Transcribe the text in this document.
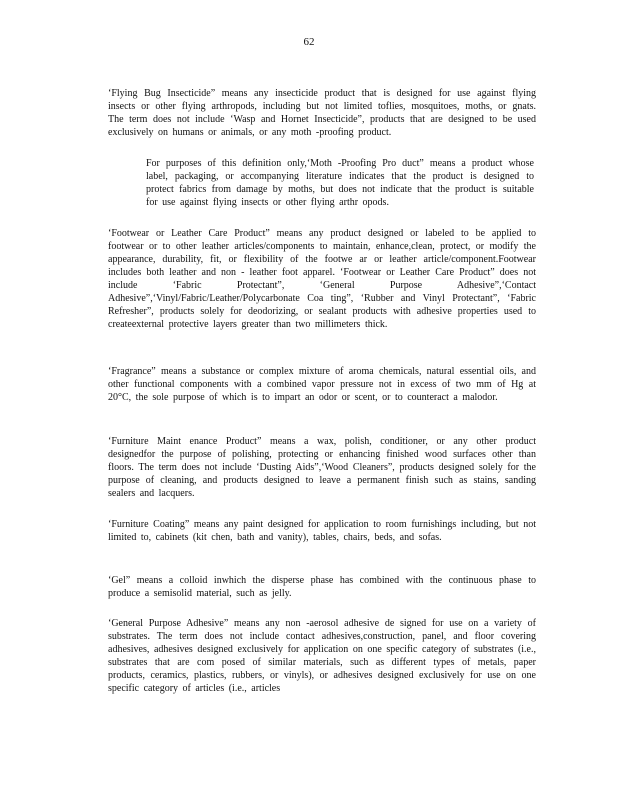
62

‘Flying Bug Insecticide” means any insecticide product that is designed for use against flying insects or other flying arthropods, including but not limited toflies, mosquitoes, moths, or gnats. The term does not include ‘Wasp and Hornet Insecticide”, products that are designed to be used exclusively on humans or animals, or any moth -proofing product.

For purposes of this definition only,‘Moth -Proofing Pro duct” means a product whose label, packaging, or accompanying literature indicates that the product is designed to protect fabrics from damage by moths, but does not indicate that the product is suitable for use against flying insects or other flying arthr opods.

‘Footwear or Leather Care Product” means any product designed or labeled to be applied to footwear or to other leather articles/components to maintain, enhance,clean, protect, or modify the appearance, durability, fit, or flexibility of the footwe ar or leather article/component.Footwear includes both leather and non - leather foot apparel. ‘Footwear or Leather Care Product” does not include ‘Fabric Protectant”, ‘General Purpose Adhesive”,‘Contact Adhesive”,‘Vinyl/Fabric/Leather/Polycarbonate Coa ting”, ‘Rubber and Vinyl Protectant”, ‘Fabric Refresher”, products solely for deodorizing, or sealant products with adhesive properties used to createexternal protective layers greater than two millimeters thick.

‘Fragrance” means a substance or complex mixture of aroma chemicals, natural essential oils, and other functional components with a combined vapor pressure not in excess of two mm of Hg at 20°C, the sole purpose of which is to impart an odor or scent, or to counteract a malodor.

‘Furniture Maint enance Product” means a wax, polish, conditioner, or any other product designedfor the purpose of polishing, protecting or enhancing finished wood surfaces other than floors. The term does not include ‘Dusting Aids”,‘Wood Cleaners”, products designed solely for the purpose of cleaning, and products designed to leave a permanent finish such as stains, sanding sealers and lacquers.

‘Furniture Coating” means any paint designed for application to room furnishings including, but not limited to, cabinets (kit chen, bath and vanity), tables, chairs, beds, and sofas.

‘Gel” means a colloid inwhich the disperse phase has combined with the continuous phase to produce a semisolid material, such as jelly.

‘General Purpose Adhesive” means any non -aerosol adhesive de signed for use on a variety of substrates. The term does not include contact adhesives,construction, panel, and floor covering adhesives, adhesives designed exclusively for application on one specific category of substrates (i.e., substrates that are com posed of similar materials, such as different types of metals, paper products, ceramics, plastics, rubbers, or vinyls), or adhesives designed exclusively for use on one specific category of articles (i.e., articles
